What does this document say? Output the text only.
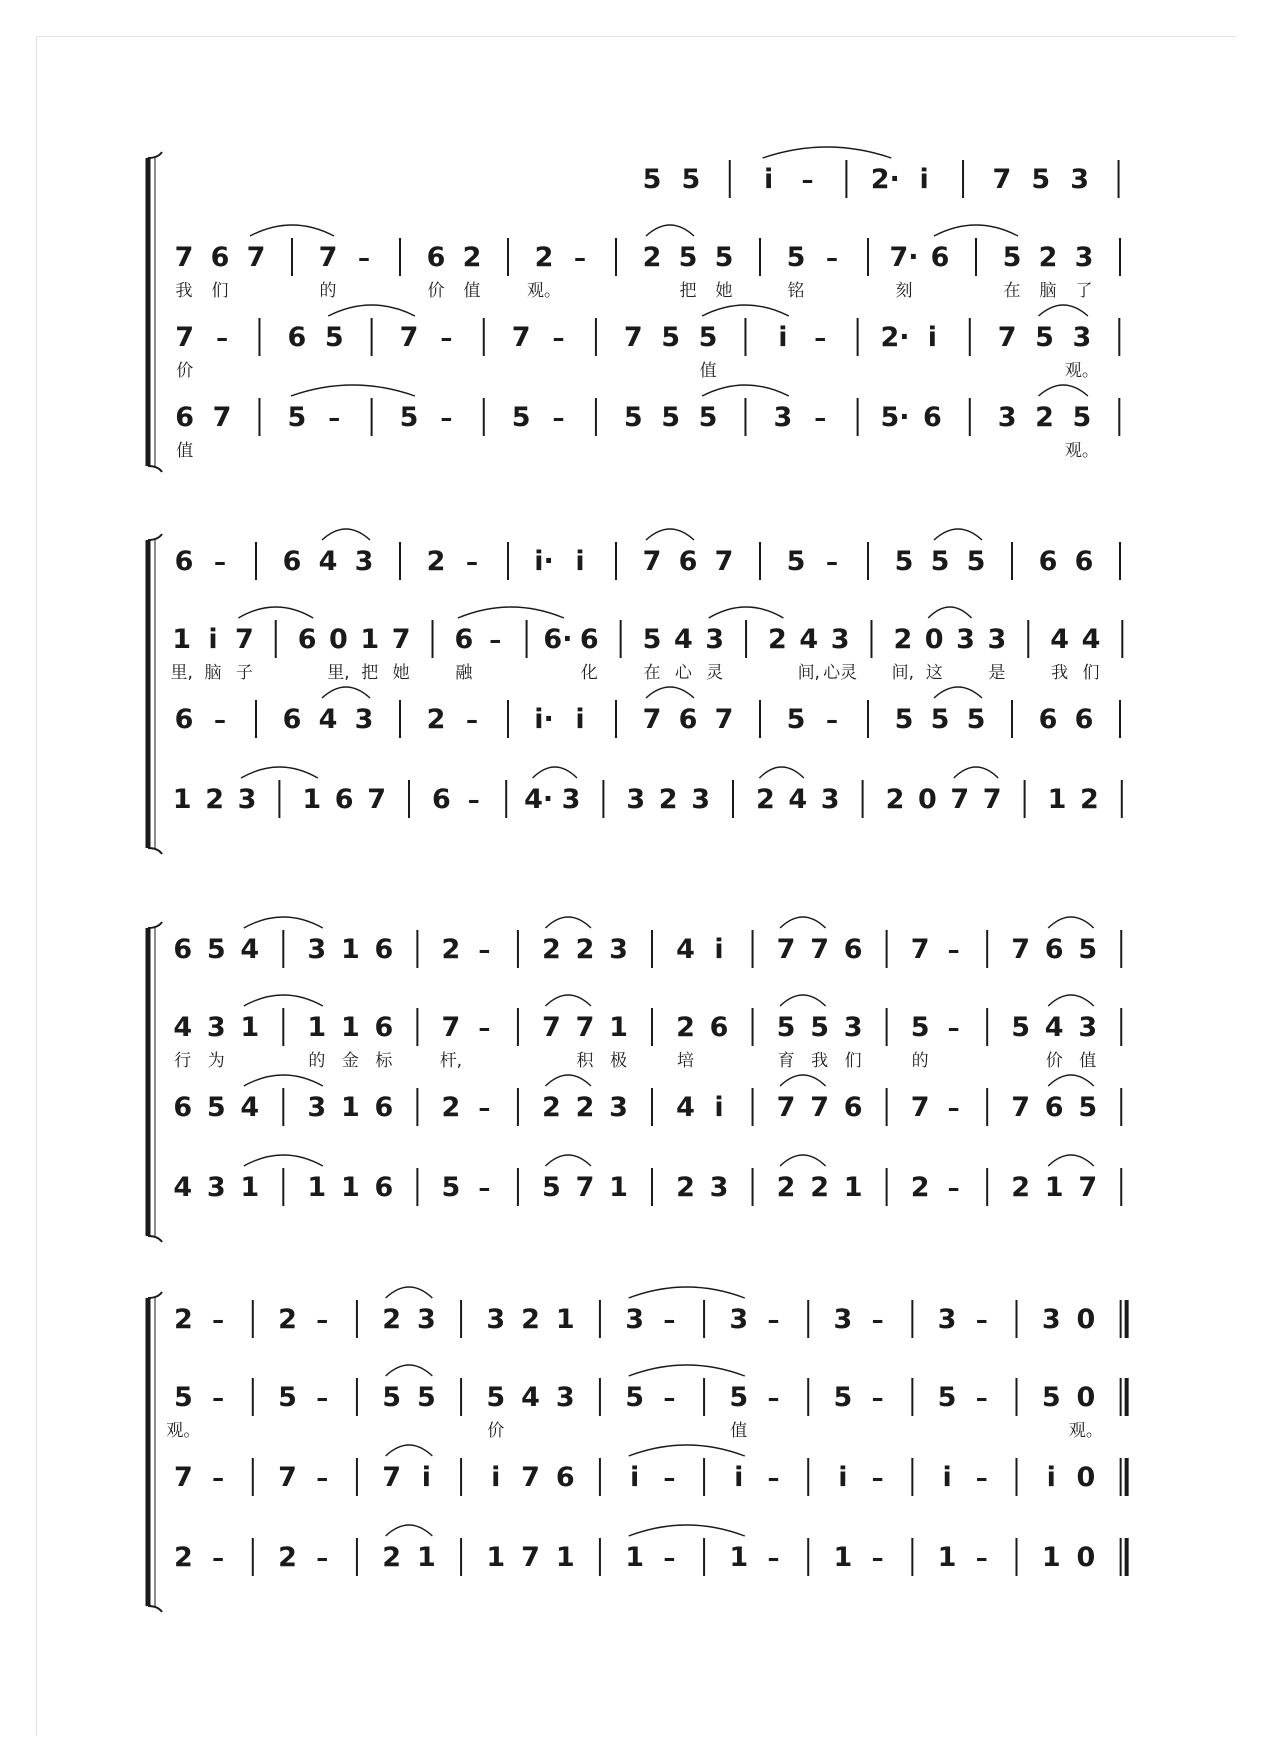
5 5 i – 2· i 7 5 3
7 6 7 7 – 6 2 2 – 2 5 5 5 – 7· 6 5 2 3
我 们	的	价 值	观。	把 她	铭	刻	在 脑 了
7 – 6 5 7 – 7 – 7 5 5 i – 2· i 7 5 3
价	值	观。
6 7 5 – 5 – 5 – 5 5 5 3 – 5· 6 3 2 5
值	观。
6 – 6 4 3 2 – i· i 7 6 7 5 – 5 5 5 6 6
1 i 7 6 0 1 7 6 – 6· 6 5 4 3 2 4 3 2 0 3 3 4 4
里, 脑 子	里, 把 她	融	化	在 心 灵	间, 心灵 间, 这	是	我 们
6 – 6 4 3 2 – i· i 7 6 7 5 – 5 5 5 6 6
1 2 3 1 6 7 6 – 4· 3 3 2 3 2 4 3 2 0 7 7 1 2
6 5 4 3 1 6 2 – 2 2 3 4 i 7 7 6 7 – 7 6 5
4 3 1 1 1 6 7 – 7 7 1 2 6 5 5 3 5 – 5 4 3
行 为	的 金 标	杆,	积 极	培	育 我 们	的	价 值
6 5 4 3 1 6 2 – 2 2 3 4 i 7 7 6 7 – 7 6 5
4 3 1 1 1 6 5 – 5 7 1 2 3 2 2 1 2 – 2 1 7
2 – 2 – 2 3 3 2 1 3 – 3 – 3 – 3 – 3 0
5 – 5 – 5 5 5 4 3 5 – 5 – 5 – 5 – 5 0
观。	价	值	观。
7 – 7 – 7 i i 7 6 i – i – i – i – i 0
2 – 2 – 2 1 1 7 1 1 – 1 – 1 – 1 – 1 0
